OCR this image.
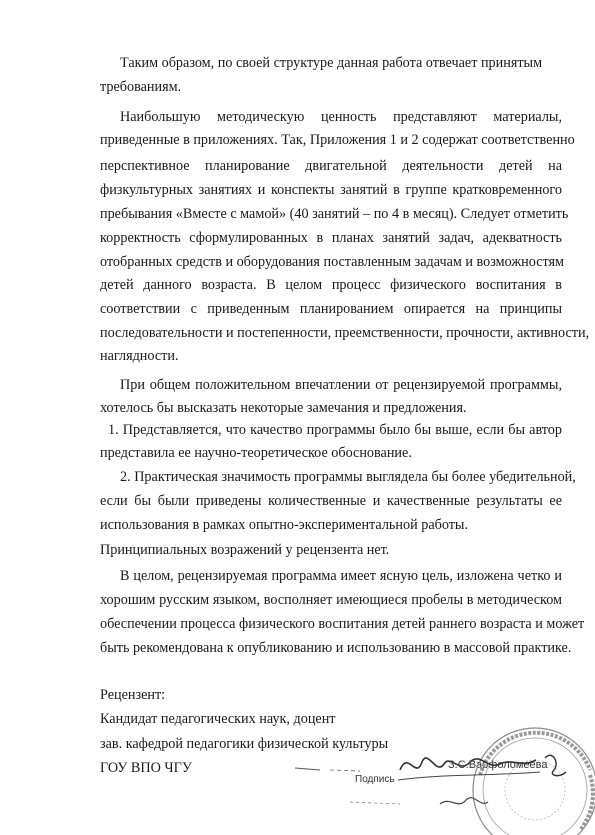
Таким образом, по своей структуре данная работа отвечает принятым
требованиям.
Наибольшую методическую ценность представляют материалы,
приведенные в приложениях. Так, Приложения 1 и 2 содержат соответственно
перспективное планирование двигательной деятельности детей на
физкультурных занятиях и конспекты занятий в группе кратковременного
пребывания «Вместе с мамой» (40 занятий – по 4 в месяц). Следует отметить
корректность сформулированных в планах занятий задач, адекватность
отобранных средств и оборудования поставленным задачам и возможностям
детей данного возраста. В целом процесс физического воспитания в
соответствии с приведенным планированием опирается на принципы
последовательности и постепенности, преемственности, прочности, активности,
наглядности.
При общем положительном впечатлении от рецензируемой программы,
хотелось бы высказать некоторые замечания и предложения.
1. Представляется, что качество программы было бы выше, если бы автор
представила ее научно-теоретическое обоснование.
2. Практическая значимость программы выглядела бы более убедительной,
если бы были приведены количественные и качественные результаты ее
использования в рамках опытно-экспериментальной работы.
Принципиальных возражений у рецензента нет.
В целом, рецензируемая программа имеет ясную цель, изложена четко и
хорошим русским языком, восполняет имеющиеся пробелы в методическом
обеспечении процесса физического воспитания детей раннего возраста и может
быть рекомендована к опубликованию и использованию в массовой практике.
Рецензент:
Кандидат педагогических наук, доцент
зав. кафедрой педагогики физической культуры
ГОУ ВПО ЧГУ	З.С.Варфоломеева
Подпись
